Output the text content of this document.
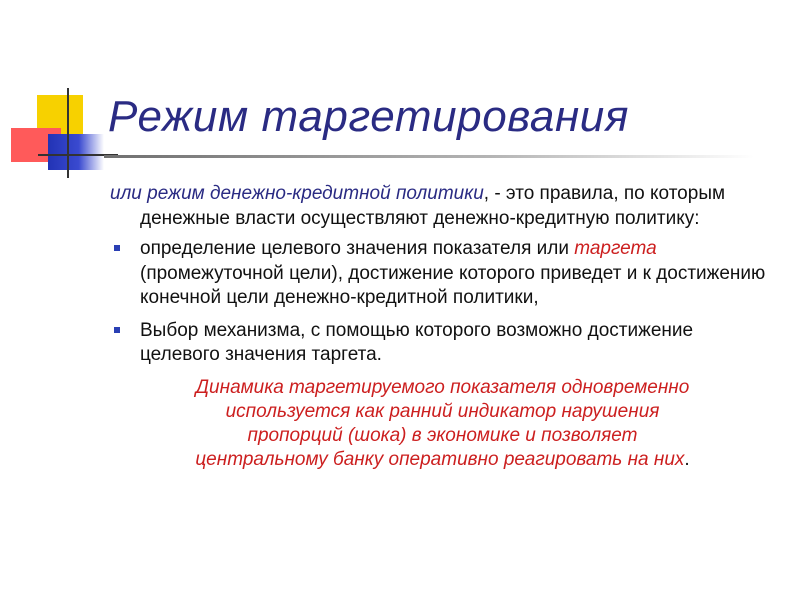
Режим таргетирования

или режим денежно-кредитной политики, - это правила, по которым денежные власти осуществляют денежно-кредитную политику:

определение целевого значения показателя или таргета (промежуточной цели), достижение которого приведет и к достижению конечной цели денежно-кредитной политики,
Выбор механизма, с помощью которого возможно достижение целевого значения таргета.

Динамика таргетируемого показателя одновременно
используется как ранний индикатор нарушения
пропорций (шока) в экономике и позволяет
центральному банку оперативно реагировать на них.
